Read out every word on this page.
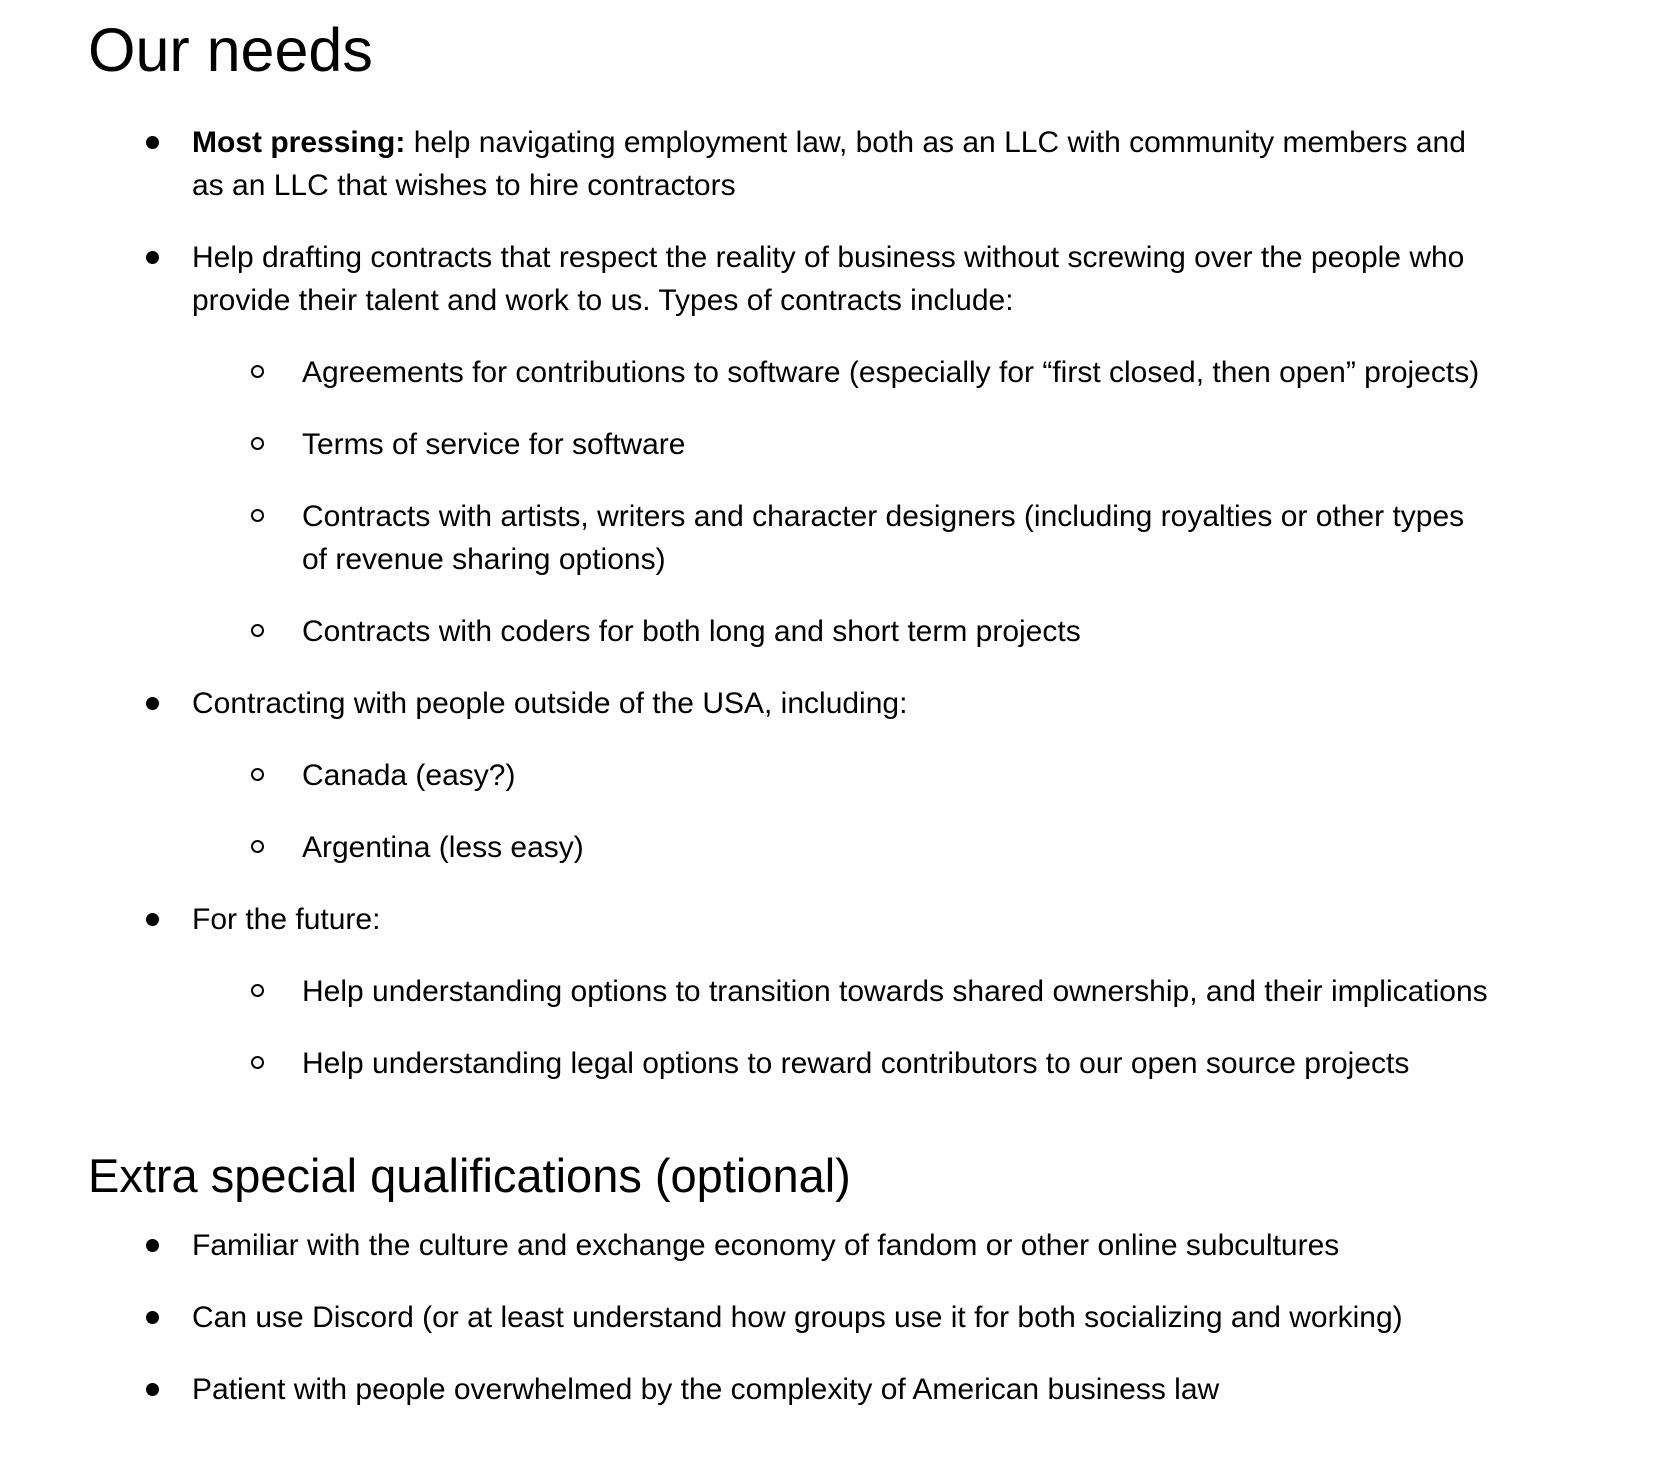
Our needs
Most pressing: help navigating employment law, both as an LLC with community members and as an LLC that wishes to hire contractors
Help drafting contracts that respect the reality of business without screwing over the people who provide their talent and work to us. Types of contracts include:
Agreements for contributions to software (especially for “first closed, then open” projects)
Terms of service for software
Contracts with artists, writers and character designers (including royalties or other types of revenue sharing options)
Contracts with coders for both long and short term projects
Contracting with people outside of the USA, including:
Canada (easy?)
Argentina (less easy)
For the future:
Help understanding options to transition towards shared ownership, and their implications
Help understanding legal options to reward contributors to our open source projects
Extra special qualifications (optional)
Familiar with the culture and exchange economy of fandom or other online subcultures
Can use Discord (or at least understand how groups use it for both socializing and working)
Patient with people overwhelmed by the complexity of American business law
